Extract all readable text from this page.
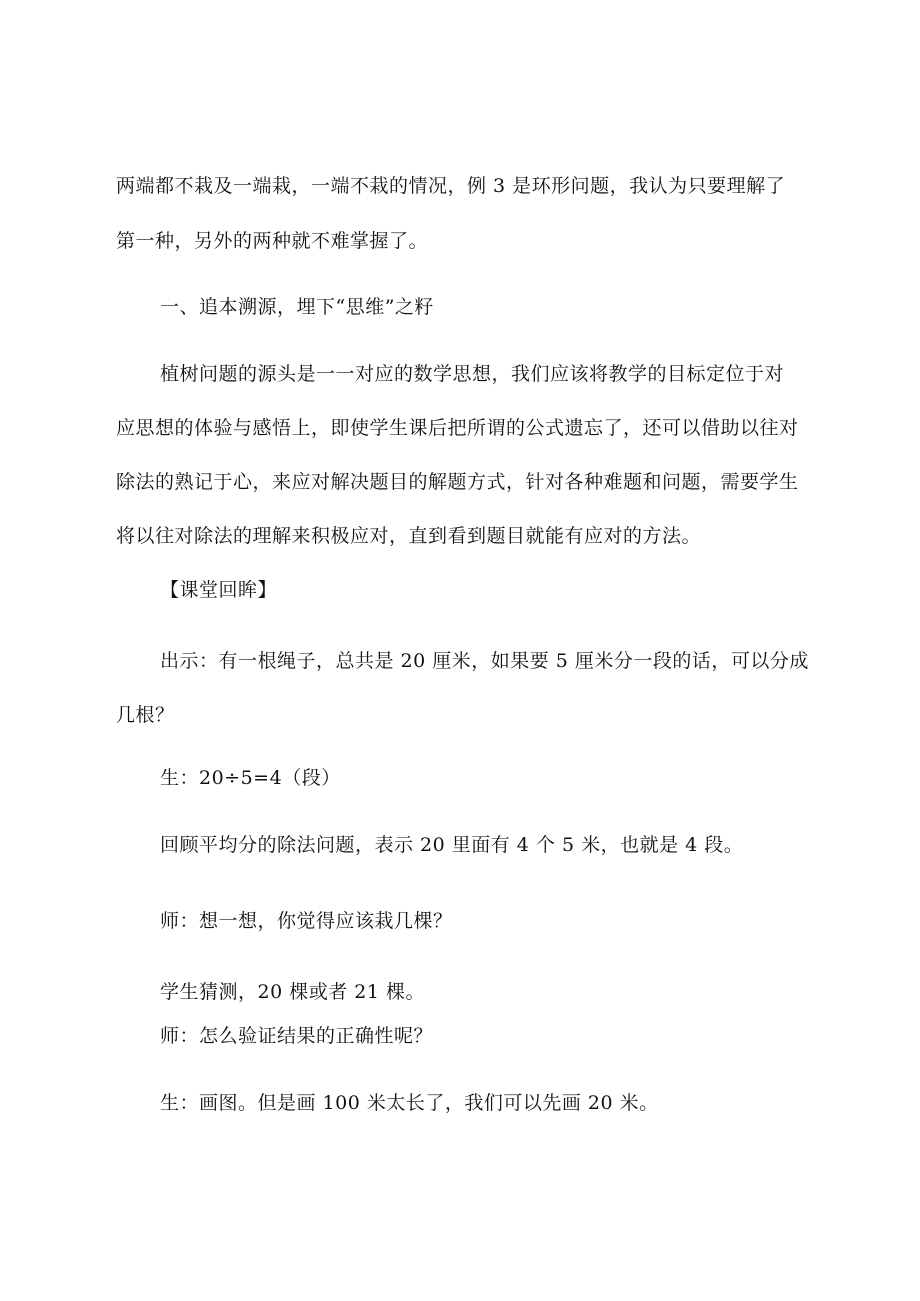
两端都不栽及一端栽，一端不栽的情况，例 3 是环形问题，我认为只要理解了
第一种，另外的两种就不难掌握了。
一、追本溯源，埋下“思维”之籽
植树问题的源头是一一对应的数学思想，我们应该将教学的目标定位于对
应思想的体验与感悟上，即使学生课后把所谓的公式遗忘了，还可以借助以往对
除法的熟记于心，来应对解决题目的解题方式，针对各种难题和问题，需要学生
将以往对除法的理解来积极应对，直到看到题目就能有应对的方法。
【课堂回眸】
出示：有一根绳子，总共是 20 厘米，如果要 5 厘米分一段的话，可以分成
几根？
生：20÷5=4（段）
回顾平均分的除法问题，表示 20 里面有 4 个 5 米，也就是 4 段。
师：想一想，你觉得应该栽几棵？
学生猜测，20 棵或者 21 棵。
师：怎么验证结果的正确性呢？
生：画图。但是画 100 米太长了，我们可以先画 20 米。
